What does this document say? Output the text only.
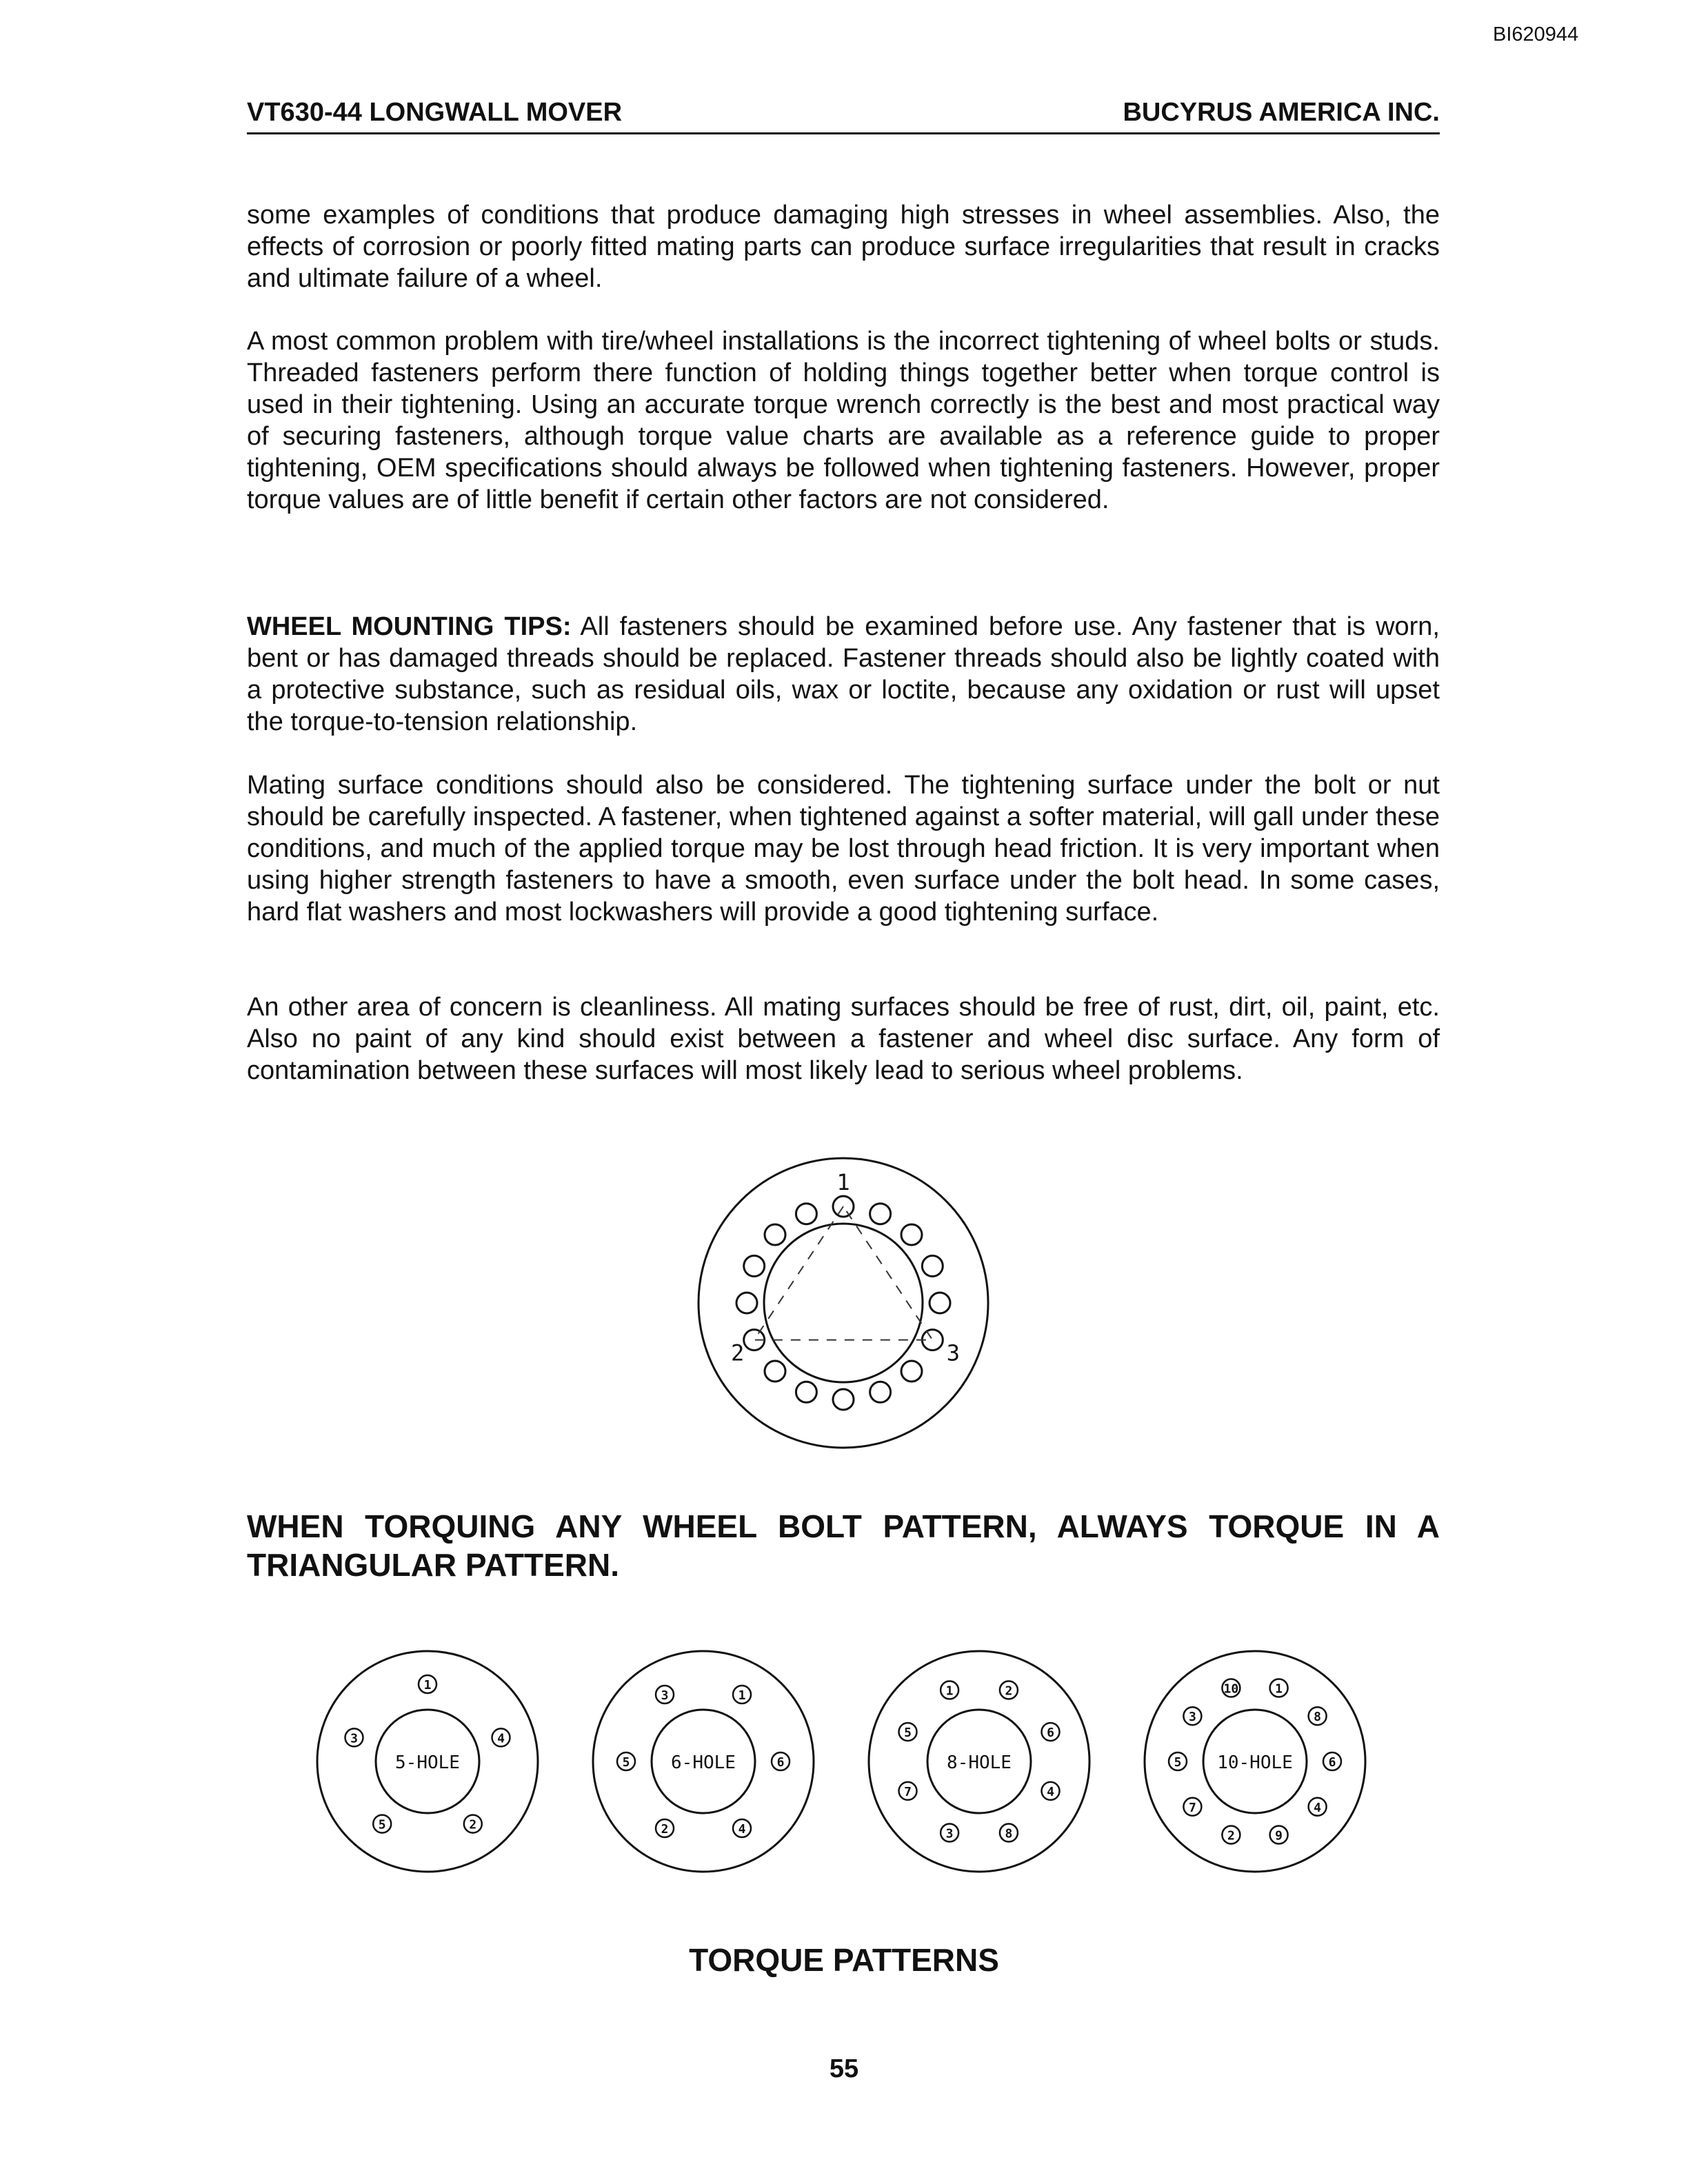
BI620944
VT630-44 LONGWALL MOVER	BUCYRUS AMERICA INC.

some examples of conditions that produce damaging high stresses in wheel assemblies. Also, the effects of corrosion or poorly fitted mating parts can produce surface irregularities that result in cracks and ultimate failure of a wheel.

A most common problem with tire/wheel installations is the incorrect tightening of wheel bolts or studs. Threaded fasteners perform there function of holding things together better when torque control is used in their tightening. Using an accurate torque wrench correctly is the best and most practical way of securing fasteners, although torque value charts are available as a reference guide to proper tightening, OEM specifications should always be followed when tightening fasteners. However, proper torque values are of little benefit if certain other factors are not considered.

WHEEL MOUNTING TIPS: All fasteners should be examined before use. Any fastener that is worn, bent or has damaged threads should be replaced. Fastener threads should also be lightly coated with a protective substance, such as residual oils, wax or loctite, because any oxidation or rust will upset the torque-to-tension relationship.

Mating surface conditions should also be considered. The tightening surface under the bolt or nut should be carefully inspected. A fastener, when tightened against a softer material, will gall under these conditions, and much of the applied torque may be lost through head friction. It is very important when using higher strength fasteners to have a smooth, even surface under the bolt head. In some cases, hard flat washers and most lockwashers will provide a good tightening surface.

An other area of concern is cleanliness. All mating surfaces should be free of rust, dirt, oil, paint, etc. Also no paint of any kind should exist between a fastener and wheel disc surface. Any form of contamination between these surfaces will most likely lead to serious wheel problems.

1
2	3

WHEN TORQUING ANY WHEEL BOLT PATTERN, ALWAYS TORQUE IN A TRIANGULAR PATTERN.

5-HOLE
1
4
2
5
3
6-HOLE
1
6
4
2
5
3
8-HOLE
2
6
4
8
3
7
5
1
10-HOLE
1
8
6
4
9
2
7
5
3
10
TORQUE PATTERNS
55
